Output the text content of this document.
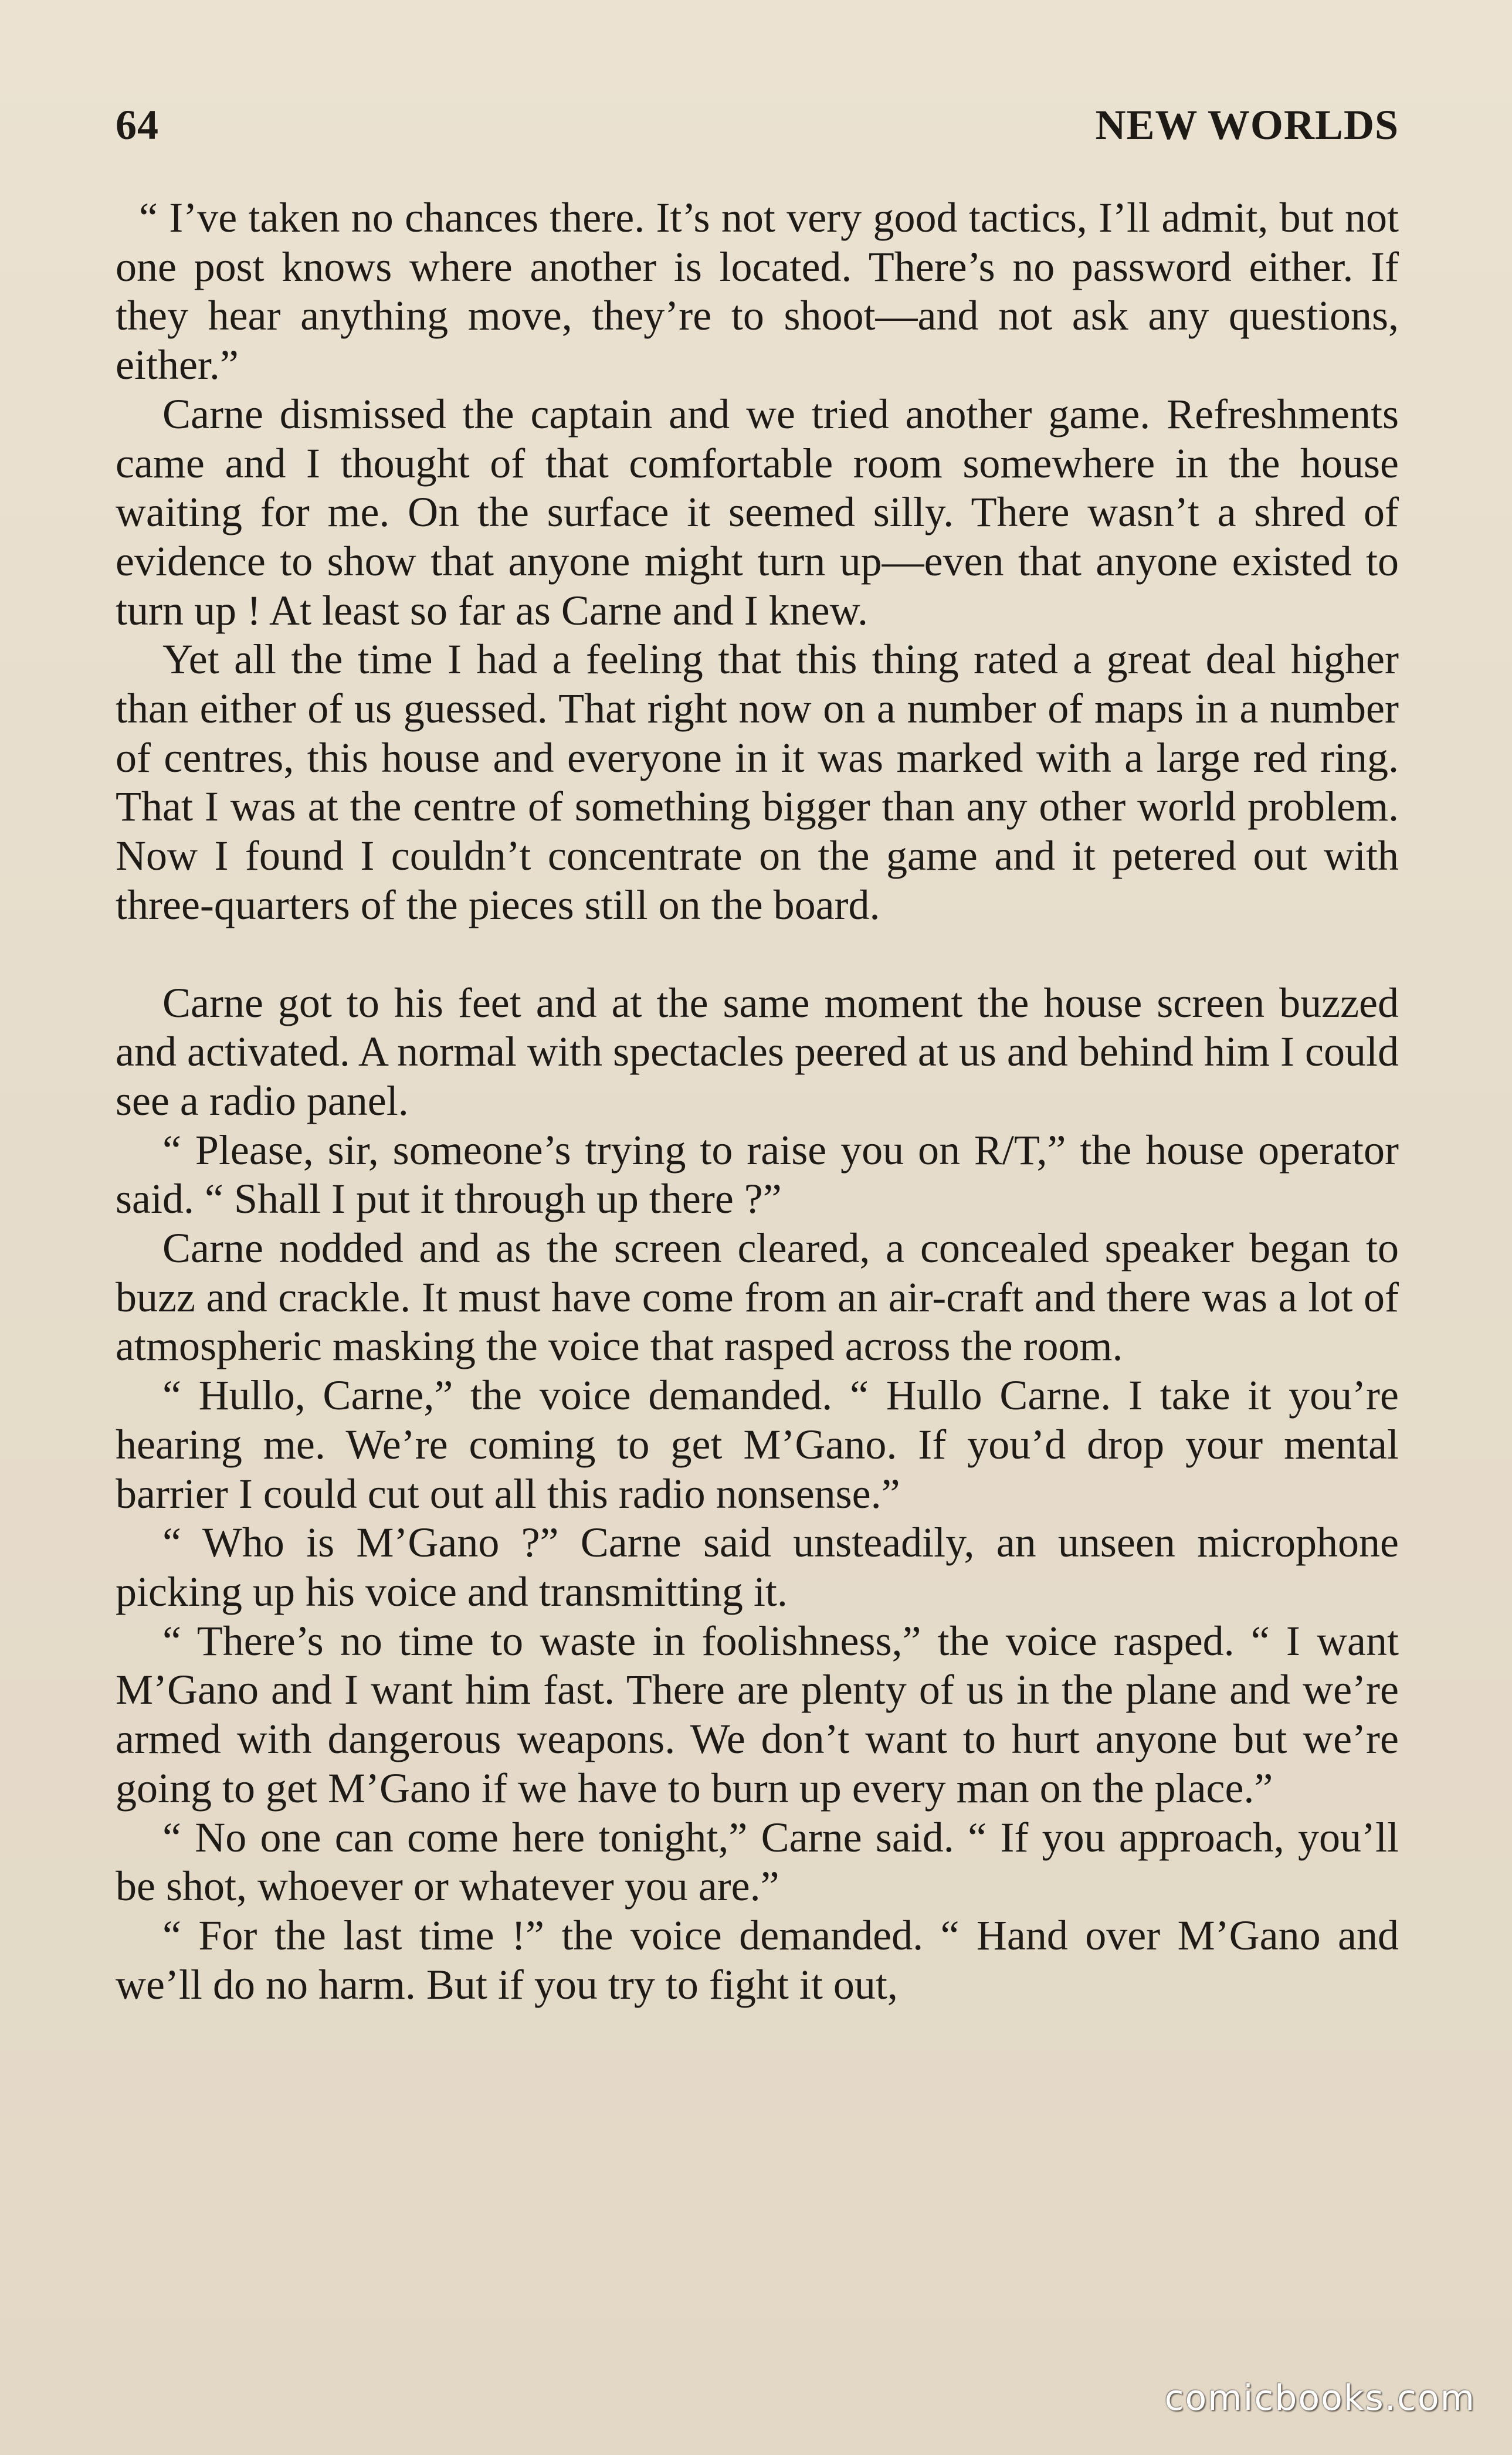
64	NEW WORLDS

“ I’ve taken no chances there. It’s not very good tactics, I’ll admit, but not one post knows where another is located. There’s no password either. If they hear anything move, they’re to shoot—and not ask any questions, either.”

Carne dismissed the captain and we tried another game. Refreshments came and I thought of that comfortable room somewhere in the house waiting for me. On the surface it seemed silly. There wasn’t a shred of evidence to show that anyone might turn up—even that anyone existed to turn up ! At least so far as Carne and I knew.

Yet all the time I had a feeling that this thing rated a great deal higher than either of us guessed. That right now on a number of maps in a number of centres, this house and everyone in it was marked with a large red ring. That I was at the centre of something bigger than any other world problem. Now I found I couldn’t concentrate on the game and it petered out with three-quarters of the pieces still on the board.

Carne got to his feet and at the same moment the house screen buzzed and activated. A normal with spectacles peered at us and behind him I could see a radio panel.

“ Please, sir, someone’s trying to raise you on R/T,” the house operator said. “ Shall I put it through up there ?”

Carne nodded and as the screen cleared, a concealed speaker began to buzz and crackle. It must have come from an air-craft and there was a lot of atmospheric masking the voice that rasped across the room.

“ Hullo, Carne,” the voice demanded. “ Hullo Carne. I take it you’re hearing me. We’re coming to get M’Gano. If you’d drop your mental barrier I could cut out all this radio nonsense.”

“ Who is M’Gano ?” Carne said unsteadily, an unseen microphone picking up his voice and transmitting it.

“ There’s no time to waste in foolishness,” the voice rasped. “ I want M’Gano and I want him fast. There are plenty of us in the plane and we’re armed with dangerous weapons. We don’t want to hurt anyone but we’re going to get M’Gano if we have to burn up every man on the place.”

“ No one can come here tonight,” Carne said. “ If you approach, you’ll be shot, whoever or whatever you are.”

“ For the last time !” the voice demanded. “ Hand over M’Gano and we’ll do no harm. But if you try to fight it out,

comicbooks.com
